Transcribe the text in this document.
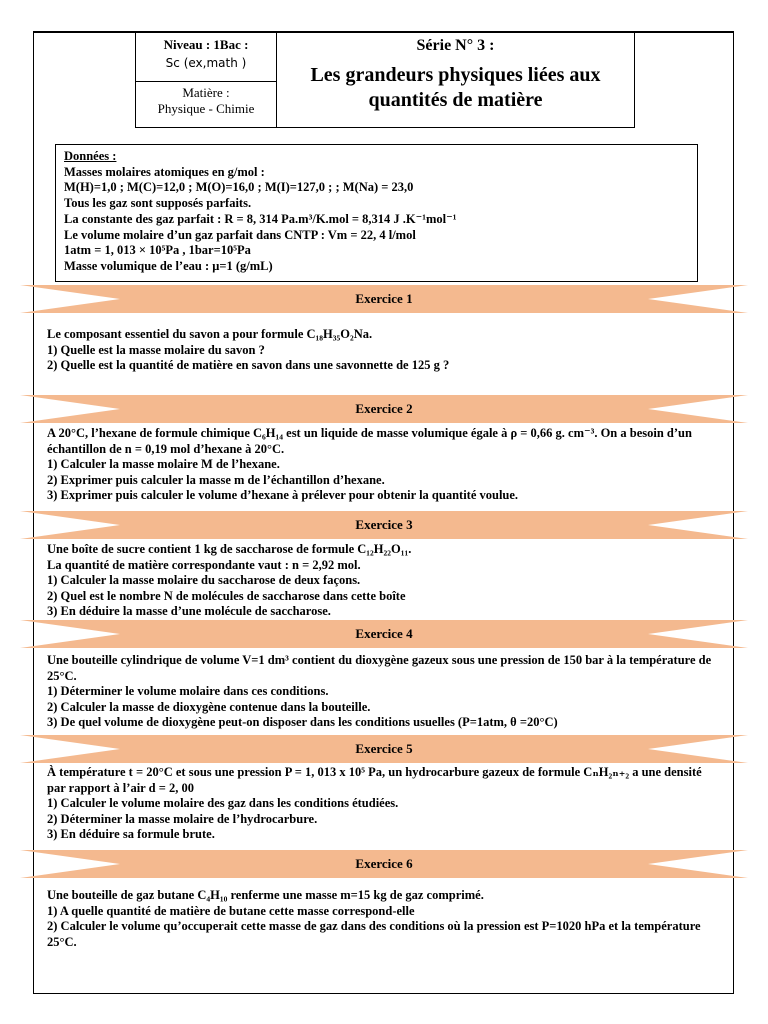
Niveau : 1Bac :
Sc (ex,math )
Matière :
Physique - Chimie
Série N° 3 :
Les grandeurs physiques liées aux
quantités de matière
Données :
Masses molaires atomiques en g/mol :
M(H)=1,0 ; M(C)=12,0 ; M(O)=16,0 ; M(I)=127,0 ; ; M(Na) = 23,0
Tous les gaz sont supposés parfaits.
La constante des gaz parfait : R = 8, 314 Pa.m³/K.mol = 8,314 J .K⁻¹mol⁻¹
Le volume molaire d’un gaz parfait dans CNTP : Vm = 22, 4 l/mol
1atm = 1, 013 × 10⁵Pa , 1bar=10⁵Pa
Masse volumique de l’eau : μ=1 (g/mL)
Exercice 1

Le composant essentiel du savon a pour formule C₁₈H₃₅O₂Na.

1) Quelle est la masse molaire du savon ?

2) Quelle est la quantité de matière en savon dans une savonnette de 125 g ?

Exercice 2

A 20°C, l’hexane de formule chimique C₆H₁₄ est un liquide de masse volumique égale à ρ = 0,66 g. cm⁻³. On a besoin d’un échantillon de n = 0,19 mol d’hexane à 20°C.

1) Calculer la masse molaire M de l’hexane.

2) Exprimer puis calculer la masse m de l’échantillon d’hexane.

3) Exprimer puis calculer le volume d’hexane à prélever pour obtenir la quantité voulue.

Exercice 3

Une boîte de sucre contient 1 kg de saccharose de formule C₁₂H₂₂O₁₁.

La quantité de matière correspondante vaut : n = 2,92 mol.

1) Calculer la masse molaire du saccharose de deux façons.

2) Quel est le nombre N de molécules de saccharose dans cette boîte

3) En déduire la masse d’une molécule de saccharose.

Exercice 4

Une bouteille cylindrique de volume V=1 dm³ contient du dioxygène gazeux sous une pression de 150 bar à la température de 25°C.

1) Déterminer le volume molaire dans ces conditions.

2) Calculer la masse de dioxygène contenue dans la bouteille.

3) De quel volume de dioxygène peut-on disposer dans les conditions usuelles (P=1atm, θ =20°C)

Exercice 5

À température t = 20°C et sous une pression P = 1, 013 x 10⁵ Pa, un hydrocarbure gazeux de formule CₙH₂ₙ₊₂ a une densité par rapport à l’air d = 2, 00

1) Calculer le volume molaire des gaz dans les conditions étudiées.

2) Déterminer la masse molaire de l’hydrocarbure.

3) En déduire sa formule brute.

Exercice 6

Une bouteille de gaz butane C₄H₁₀ renferme une masse m=15 kg de gaz comprimé.

1) A quelle quantité de matière de butane cette masse correspond-elle

2) Calculer le volume qu’occuperait cette masse de gaz dans des conditions où la pression est P=1020 hPa et la température 25°C.
